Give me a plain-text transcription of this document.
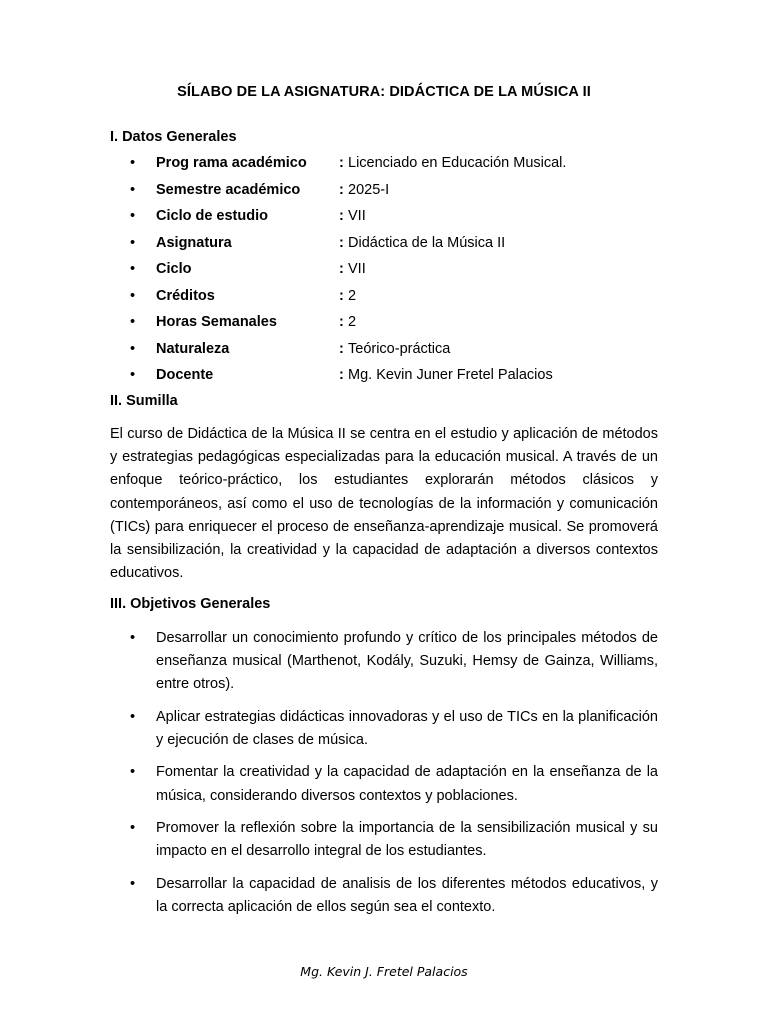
SÍLABO DE LA ASIGNATURA: DIDÁCTICA DE LA MÚSICA II
I. Datos Generales
• Prog rama académico : Licenciado en Educación Musical.
• Semestre académico	: 2025-I
• Ciclo de estudio	: VII
• Asignatura	: Didáctica de la Música II
• Ciclo	: VII
• Créditos	: 2
• Horas Semanales	: 2
• Naturaleza	: Teórico-práctica
• Docente	: Mg. Kevin Juner Fretel Palacios
II. Sumilla

El curso de Didáctica de la Música II se centra en el estudio y aplicación de métodos y estrategias pedagógicas especializadas para la educación musical. A través de un enfoque teórico-práctico, los estudiantes explorarán métodos clásicos y contemporáneos, así como el uso de tecnologías de la información y comunicación (TICs) para enriquecer el proceso de enseñanza-aprendizaje musical. Se promoverá la sensibilización, la creatividad y la capacidad de adaptación a diversos contextos educativos.

III. Objetivos Generales
• Desarrollar un conocimiento profundo y crítico de los principales métodos de enseñanza musical (Marthenot, Kodály, Suzuki, Hemsy de Gainza, Williams, entre otros).
• Aplicar estrategias didácticas innovadoras y el uso de TICs en la planificación y ejecución de clases de música.
• Fomentar la creatividad y la capacidad de adaptación en la enseñanza de la música, considerando diversos contextos y poblaciones.
• Promover la reflexión sobre la importancia de la sensibilización musical y su impacto en el desarrollo integral de los estudiantes.
• Desarrollar la capacidad de analisis de los diferentes métodos educativos, y la correcta aplicación de ellos según sea el contexto.
Mg. Kevin J. Fretel Palacios
